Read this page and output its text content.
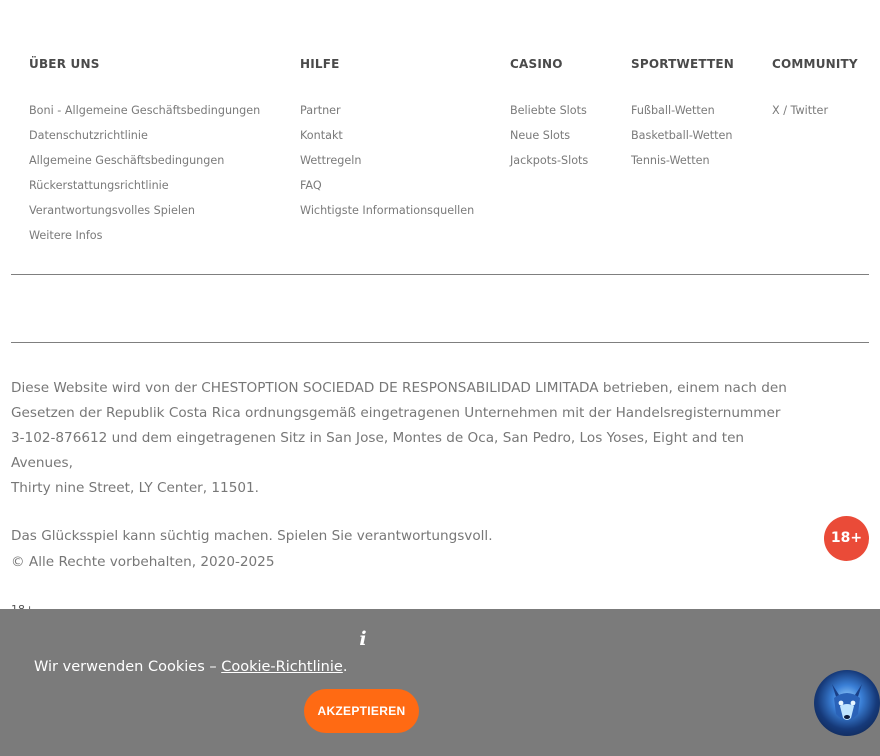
ÜBER UNS
Boni - Allgemeine Geschäftsbedingungen
Datenschutzrichtlinie
Allgemeine Geschäftsbedingungen
Rückerstattungsrichtlinie
Verantwortungsvolles Spielen
Weitere Infos
HILFE
Partner
Kontakt
Wettregeln
FAQ
Wichtigste Informationsquellen
CASINO
Beliebte Slots
Neue Slots
Jackpots-Slots
SPORTWETTEN
Fußball-Wetten
Basketball-Wetten
Tennis-Wetten
COMMUNITY
X / Twitter

Diese Website wird von der CHESTOPTION SOCIEDAD DE RESPONSABILIDAD LIMITADA betrieben, einem nach den

Gesetzen der Republik Costa Rica ordnungsgemäß eingetragenen Unternehmen mit der Handelsregisternummer

3-102-876612 und dem eingetragenen Sitz in San Jose, Montes de Oca, San Pedro, Los Yoses, Eight and ten Avenues,

Thirty nine Street, LY Center, 11501.

Das Glücksspiel kann süchtig machen. Spielen Sie verantwortungsvoll.

© Alle Rechte vorbehalten, 2020-2025
18+
i
Wir verwenden Cookies – Cookie-Richtlinie.
AKZEPTIEREN
